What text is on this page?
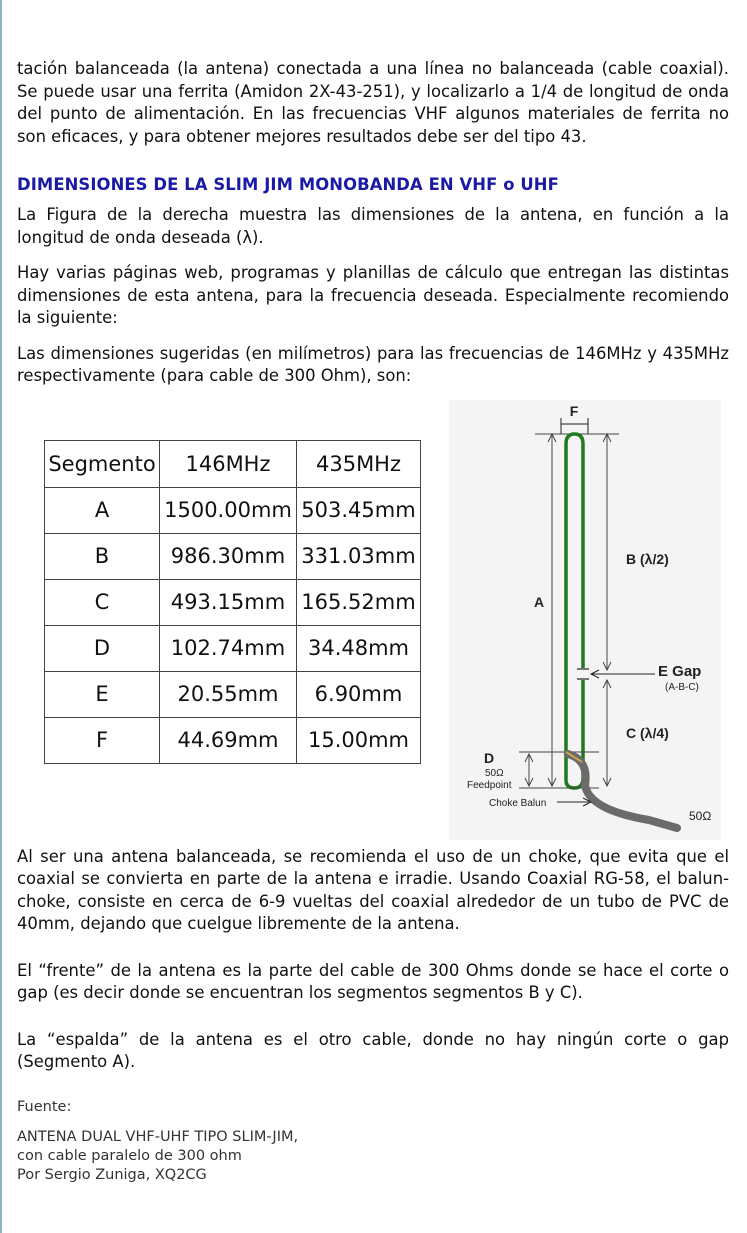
tación balanceada (la antena) conectada a una línea no balanceada (cable coaxial). Se puede usar una ferrita (Amidon 2X-43-251), y localizarlo a 1/4 de longitud de onda del punto de alimentación. En las frecuencias VHF algunos materiales de ferrita no son eficaces, y para obtener mejores resultados debe ser del tipo 43.

DIMENSIONES DE LA SLIM JIM MONOBANDA EN VHF o UHF

La Figura de la derecha muestra las dimensiones de la antena, en función a la longitud de onda deseada (λ).

Hay varias páginas web, programas y planillas de cálculo que entregan las distintas dimensiones de esta antena, para la frecuencia deseada. Especialmente recomiendo la siguiente:

Las dimensiones sugeridas (en milímetros) para las frecuencias de 146MHz y 435MHz respectivamente (para cable de 300 Ohm), son:

Segmento	146MHz	435MHz
A	1500.00mm	503.45mm
B	986.30mm	331.03mm
C	493.15mm	165.52mm
D	102.74mm	34.48mm
E	20.55mm	6.90mm
F	44.69mm	15.00mm
F
A
B (λ/2)
E Gap
(A-B-C)
C (λ/4)
D
50Ω
Feedpoint
Choke Balun
50Ω

Al ser una antena balanceada, se recomienda el uso de un choke, que evita que el coaxial se convierta en parte de la antena e irradie. Usando Coaxial RG-58, el balun-choke, consiste en cerca de 6-9 vueltas del coaxial alrededor de un tubo de PVC de 40mm, dejando que cuelgue libremente de la antena.

El “frente” de la antena es la parte del cable de 300 Ohms donde se hace el corte o gap (es decir donde se encuentran los segmentos segmentos B y C).

La “espalda” de la antena es el otro cable, donde no hay ningún corte o gap (Segmento A).

Fuente:
ANTENA DUAL VHF-UHF TIPO SLIM-JIM,
con cable paralelo de 300 ohm
Por Sergio Zuniga, XQ2CG
